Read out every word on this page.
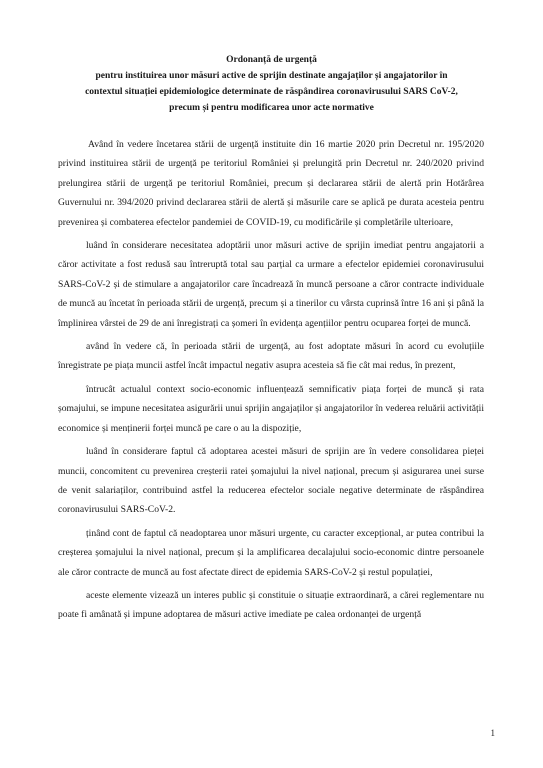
Ordonanță de urgență
pentru instituirea unor măsuri active de sprijin destinate angajaților și angajatorilor în
contextul situației epidemiologice determinate de răspândirea coronavirusului SARS CoV-2,
precum și pentru modificarea unor acte normative

Având în vedere încetarea stării de urgență instituite din 16 martie 2020 prin Decretul nr. 195/2020 privind instituirea stării de urgență pe teritoriul României și prelungită prin Decretul nr. 240/2020 privind prelungirea stării de urgență pe teritoriul României, precum și declararea stării de alertă prin Hotărârea Guvernului nr. 394/2020 privind declararea stării de alertă și măsurile care se aplică pe durata acesteia pentru prevenirea și combaterea efectelor pandemiei de COVID-19, cu modificările și completările ulterioare,

luând în considerare necesitatea adoptării unor măsuri active de sprijin imediat pentru angajatorii a căror activitate a fost redusă sau întreruptă total sau parțial ca urmare a efectelor epidemiei coronavirusului SARS-CoV-2 și de stimulare a angajatorilor care încadrează în muncă persoane a căror contracte individuale de muncă au încetat în perioada stării de urgență, precum și a tinerilor cu vârsta cuprinsă între 16 ani și până la împlinirea vârstei de 29 de ani înregistrați ca șomeri în evidența agențiilor pentru ocuparea forței de muncă.

având în vedere că, în perioada stării de urgență, au fost adoptate măsuri în acord cu evoluțiile înregistrate pe piața muncii astfel încât impactul negativ asupra acesteia să fie cât mai redus, în prezent,

întrucât actualul context socio-economic influențează semnificativ piața forței de muncă și rata șomajului, se impune necesitatea asigurării unui sprijin angajaților și angajatorilor în vederea reluării activității economice și menținerii forței muncă pe care o au la dispoziție,

luând în considerare faptul că adoptarea acestei măsuri de sprijin are în vedere consolidarea pieței muncii, concomitent cu prevenirea creșterii ratei șomajului la nivel național, precum și asigurarea unei surse de venit salariaților, contribuind astfel la reducerea efectelor sociale negative determinate de răspândirea coronavirusului SARS-CoV-2.

ținând cont de faptul că neadoptarea unor măsuri urgente, cu caracter excepțional, ar putea contribui la creșterea șomajului la nivel național, precum și la amplificarea decalajului socio-economic dintre persoanele ale căror contracte de muncă au fost afectate direct de epidemia SARS-CoV-2 și restul populației,

aceste elemente vizează un interes public și constituie o situație extraordinară, a cărei reglementare nu poate fi amânată și impune adoptarea de măsuri active imediate pe calea ordonanței de urgență

1
